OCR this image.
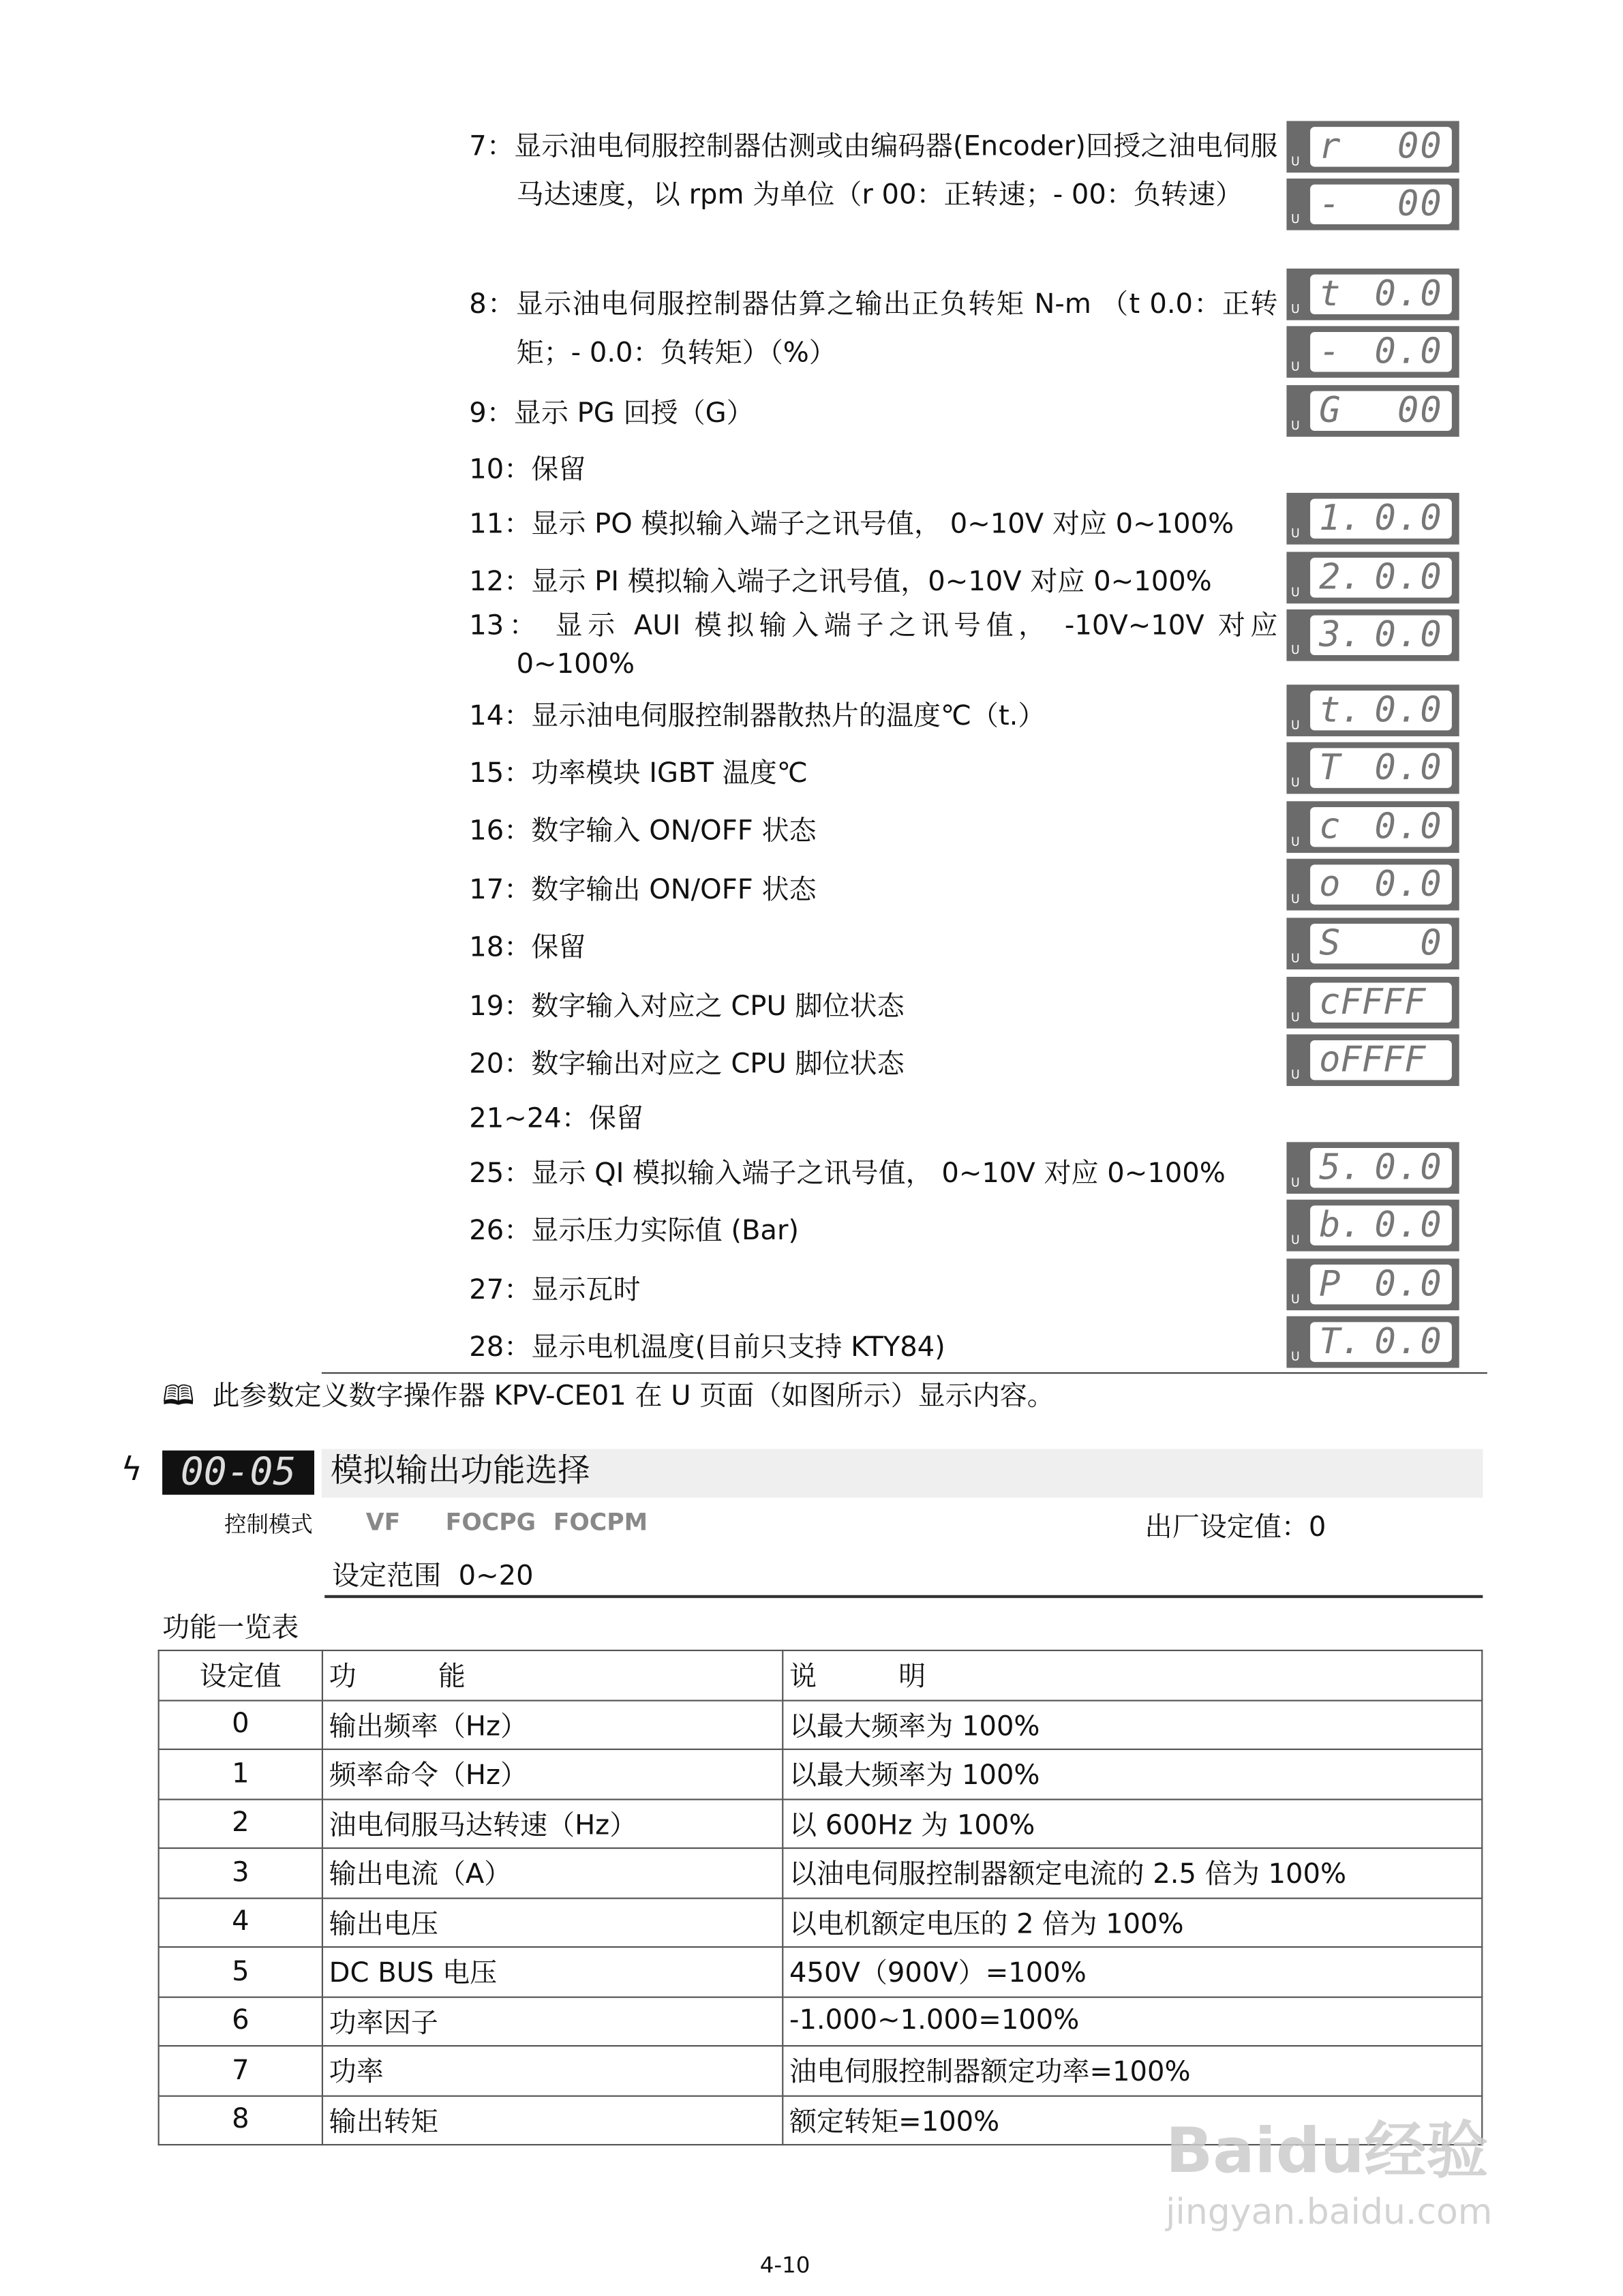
7：显示油电伺服控制器估测或由编码器(Encoder)回授之油电伺服马达速度，以 rpm 为单位（r 00：正转速；- 00：负转速）
8：显示油电伺服控制器估算之输出正负转矩 N-m （t 0.0：正转矩；- 0.0：负转矩）（%）
9：显示 PG 回授（G）
10：保留
11：显示 PO 模拟输入端子之讯号值， 0~10V 对应 0~100%
12：显示 PI 模拟输入端子之讯号值，0~10V 对应 0~100%
13： 显示 AUI 模拟输入端子之讯号值， -10V~10V 对应 0~100%
14：显示油电伺服控制器散热片的温度℃（t.）
15：功率模块 IGBT 温度℃
16：数字输入 ON/OFF 状态
17：数字输出 ON/OFF 状态
18：保留
19：数字输入对应之 CPU 脚位状态
20：数字输出对应之 CPU 脚位状态
21~24：保留
25：显示 QI 模拟输入端子之讯号值， 0~10V 对应 0~100%
26：显示压力实际值 (Bar)
27：显示瓦时
28：显示电机温度(目前只支持 KTY84)
U r	00
U -	00
U t 0.0
U - 0.0
U G	00
U 1. 0.0
U 2. 0.0
U 3. 0.0
U t. 0.0
U T 0.0
U c 0.0
U o 0.0
U S	0
U cFFFF
U oFFFF
U 5. 0.0
U b. 0.0
U P 0.0
U T. 0.0
🕮 此参数定义数字操作器 KPV-CE01 在 U 页面（如图所示）显示内容。
ϟ	00-05	模拟输出功能选择
控制模式	VF	FOCPG FOCPM	出厂设定值：0
设定范围  0~20
功能一览表
设定值	功　　　能	说　　　明
0	输出频率（Hz）	以最大频率为 100%
1	频率命令（Hz）	以最大频率为 100%
2	油电伺服马达转速（Hz）	以 600Hz 为 100%
3	输出电流（A）	以油电伺服控制器额定电流的 2.5 倍为 100%
4	输出电压	以电机额定电压的 2 倍为 100%
5	DC BUS 电压	450V（900V）=100%
6	功率因子	-1.000~1.000=100%
7	功率	油电伺服控制器额定功率=100%
8	输出转矩	额定转矩=100%
4-10
Baidu经验
jingyan.baidu.com
